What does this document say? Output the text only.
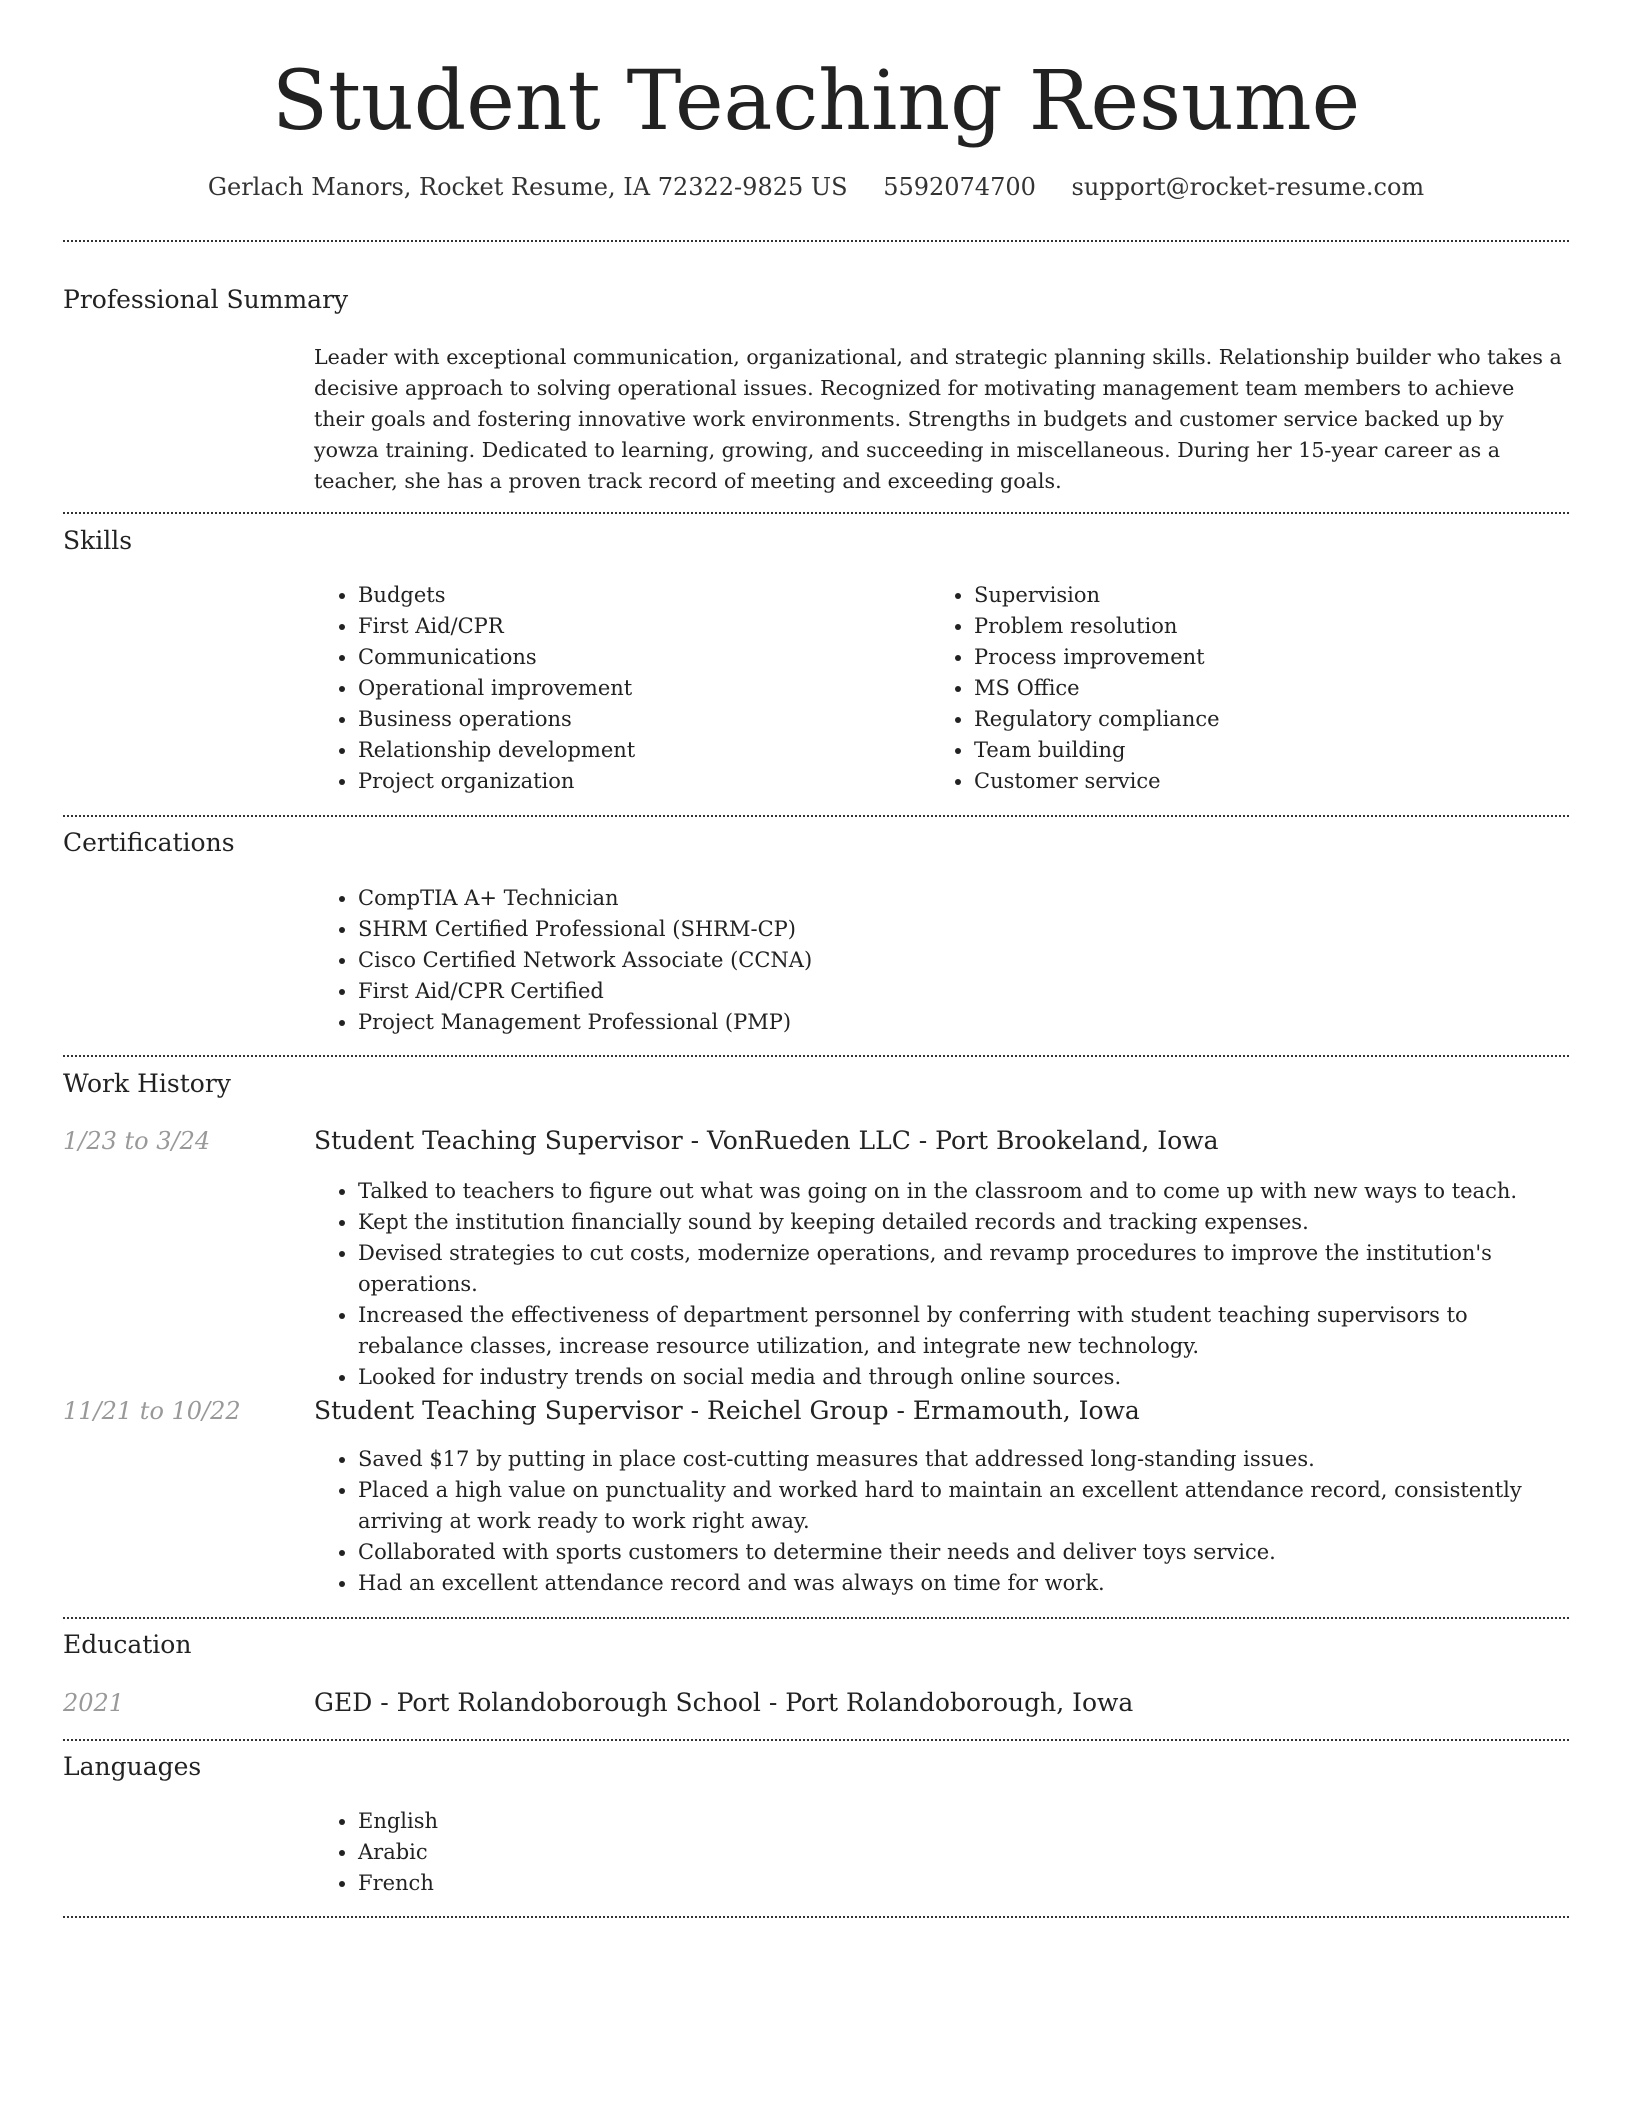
Student Teaching Resume
Gerlach Manors, Rocket Resume, IA 72322-9825 US 5592074700 support@rocket-resume.com
Professional Summary

Leader with exceptional communication, organizational, and strategic planning skills. Relationship builder who takes a decisive approach to solving operational issues. Recognized for motivating management team members to achieve their goals and fostering innovative work environments. Strengths in budgets and customer service backed up by yowza training. Dedicated to learning, growing, and succeeding in miscellaneous. During her 15-year career as a teacher, she has a proven track record of meeting and exceeding goals.

Skills
• Budgets
• First Aid/CPR
• Communications
• Operational improvement
• Business operations
• Relationship development
• Project organization
• Supervision
• Problem resolution
• Process improvement
• MS Office
• Regulatory compliance
• Team building
• Customer service
Certifications
• CompTIA A+ Technician
• SHRM Certified Professional (SHRM-CP)
• Cisco Certified Network Associate (CCNA)
• First Aid/CPR Certified
• Project Management Professional (PMP)
Work History
1/23 to 3/24	Student Teaching Supervisor - VonRueden LLC - Port Brookeland, Iowa
• Talked to teachers to figure out what was going on in the classroom and to come up with new ways to teach.
• Kept the institution financially sound by keeping detailed records and tracking expenses.
• Devised strategies to cut costs, modernize operations, and revamp procedures to improve the institution's operations.
• Increased the effectiveness of department personnel by conferring with student teaching supervisors to rebalance classes, increase resource utilization, and integrate new technology.
• Looked for industry trends on social media and through online sources.
11/21 to 10/22	Student Teaching Supervisor - Reichel Group - Ermamouth, Iowa
• Saved $17 by putting in place cost-cutting measures that addressed long-standing issues.
• Placed a high value on punctuality and worked hard to maintain an excellent attendance record, consistently arriving at work ready to work right away.
• Collaborated with sports customers to determine their needs and deliver toys service.
• Had an excellent attendance record and was always on time for work.
Education
2021	GED - Port Rolandoborough School - Port Rolandoborough, Iowa
Languages
• English
• Arabic
• French
